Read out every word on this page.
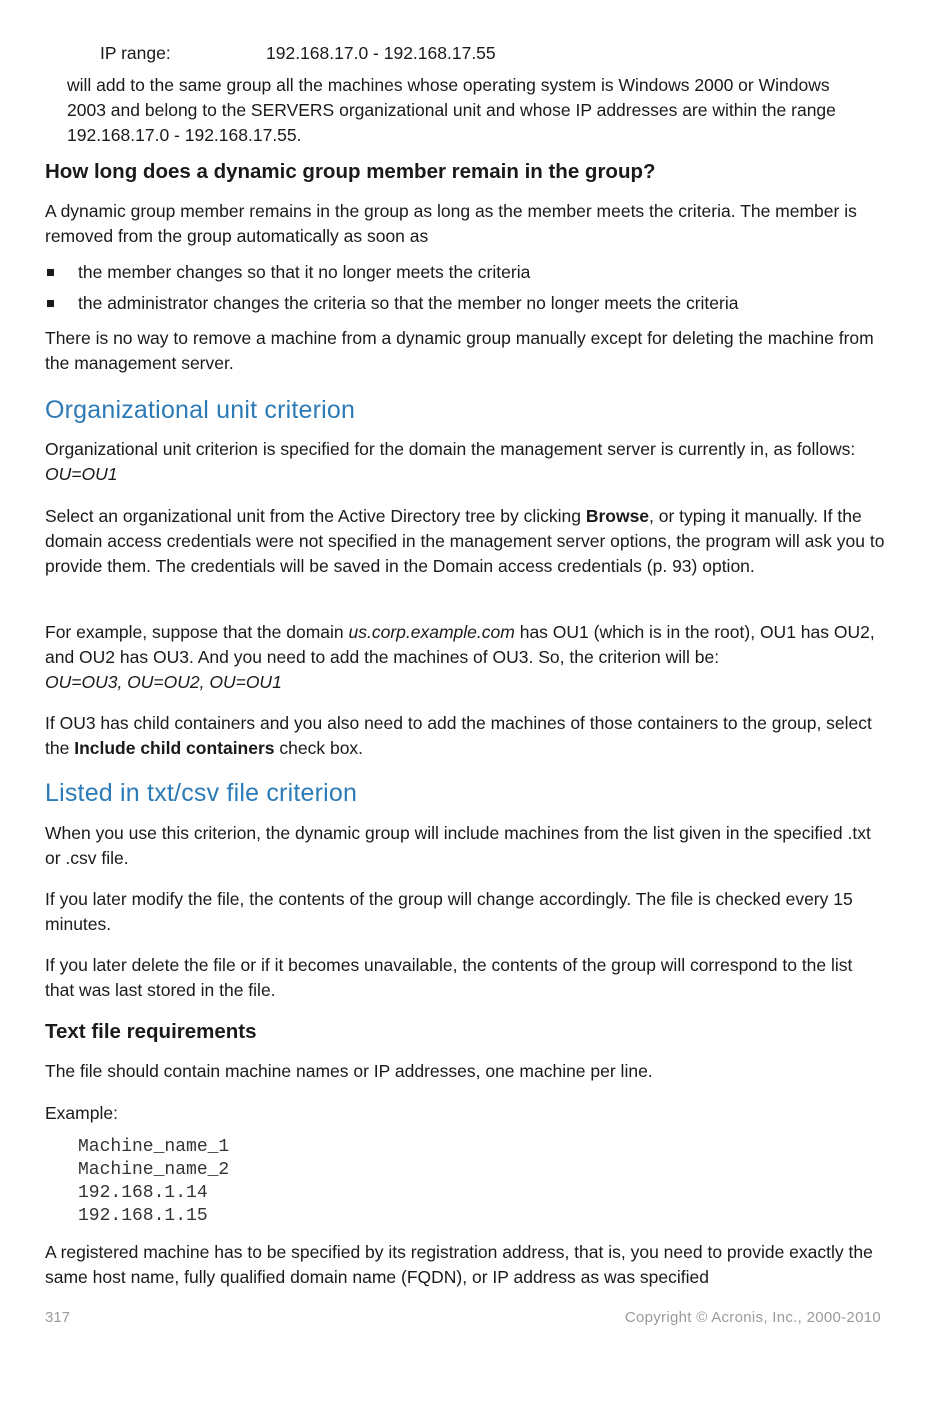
IP range:	192.168.17.0 - 192.168.17.55

will add to the same group all the machines whose operating system is Windows 2000 or Windows 2003 and belong to the SERVERS organizational unit and whose IP addresses are within the range 192.168.17.0 - 192.168.17.55.

How long does a dynamic group member remain in the group?

A dynamic group member remains in the group as long as the member meets the criteria. The member is removed from the group automatically as soon as

the member changes so that it no longer meets the criteria
the administrator changes the criteria so that the member no longer meets the criteria

There is no way to remove a machine from a dynamic group manually except for deleting the machine from the management server.

Organizational unit criterion

Organizational unit criterion is specified for the domain the management server is currently in, as follows: OU=OU1

Select an organizational unit from the Active Directory tree by clicking Browse, or typing it manually. If the domain access credentials were not specified in the management server options, the program will ask you to provide them. The credentials will be saved in the Domain access credentials (p. 93) option.

For example, suppose that the domain us.corp.example.com has OU1 (which is in the root), OU1 has OU2, and OU2 has OU3. And you need to add the machines of OU3. So, the criterion will be:
OU=OU3, OU=OU2, OU=OU1

If OU3 has child containers and you also need to add the machines of those containers to the group, select the Include child containers check box.

Listed in txt/csv file criterion

When you use this criterion, the dynamic group will include machines from the list given in the specified .txt or .csv file.

If you later modify the file, the contents of the group will change accordingly. The file is checked every 15 minutes.

If you later delete the file or if it becomes unavailable, the contents of the group will correspond to the list that was last stored in the file.

Text file requirements

The file should contain machine names or IP addresses, one machine per line.

Example:

Machine_name_1
Machine_name_2
192.168.1.14
192.168.1.15

A registered machine has to be specified by its registration address, that is, you need to provide exactly the same host name, fully qualified domain name (FQDN), or IP address as was specified

317	Copyright © Acronis, Inc., 2000-2010
